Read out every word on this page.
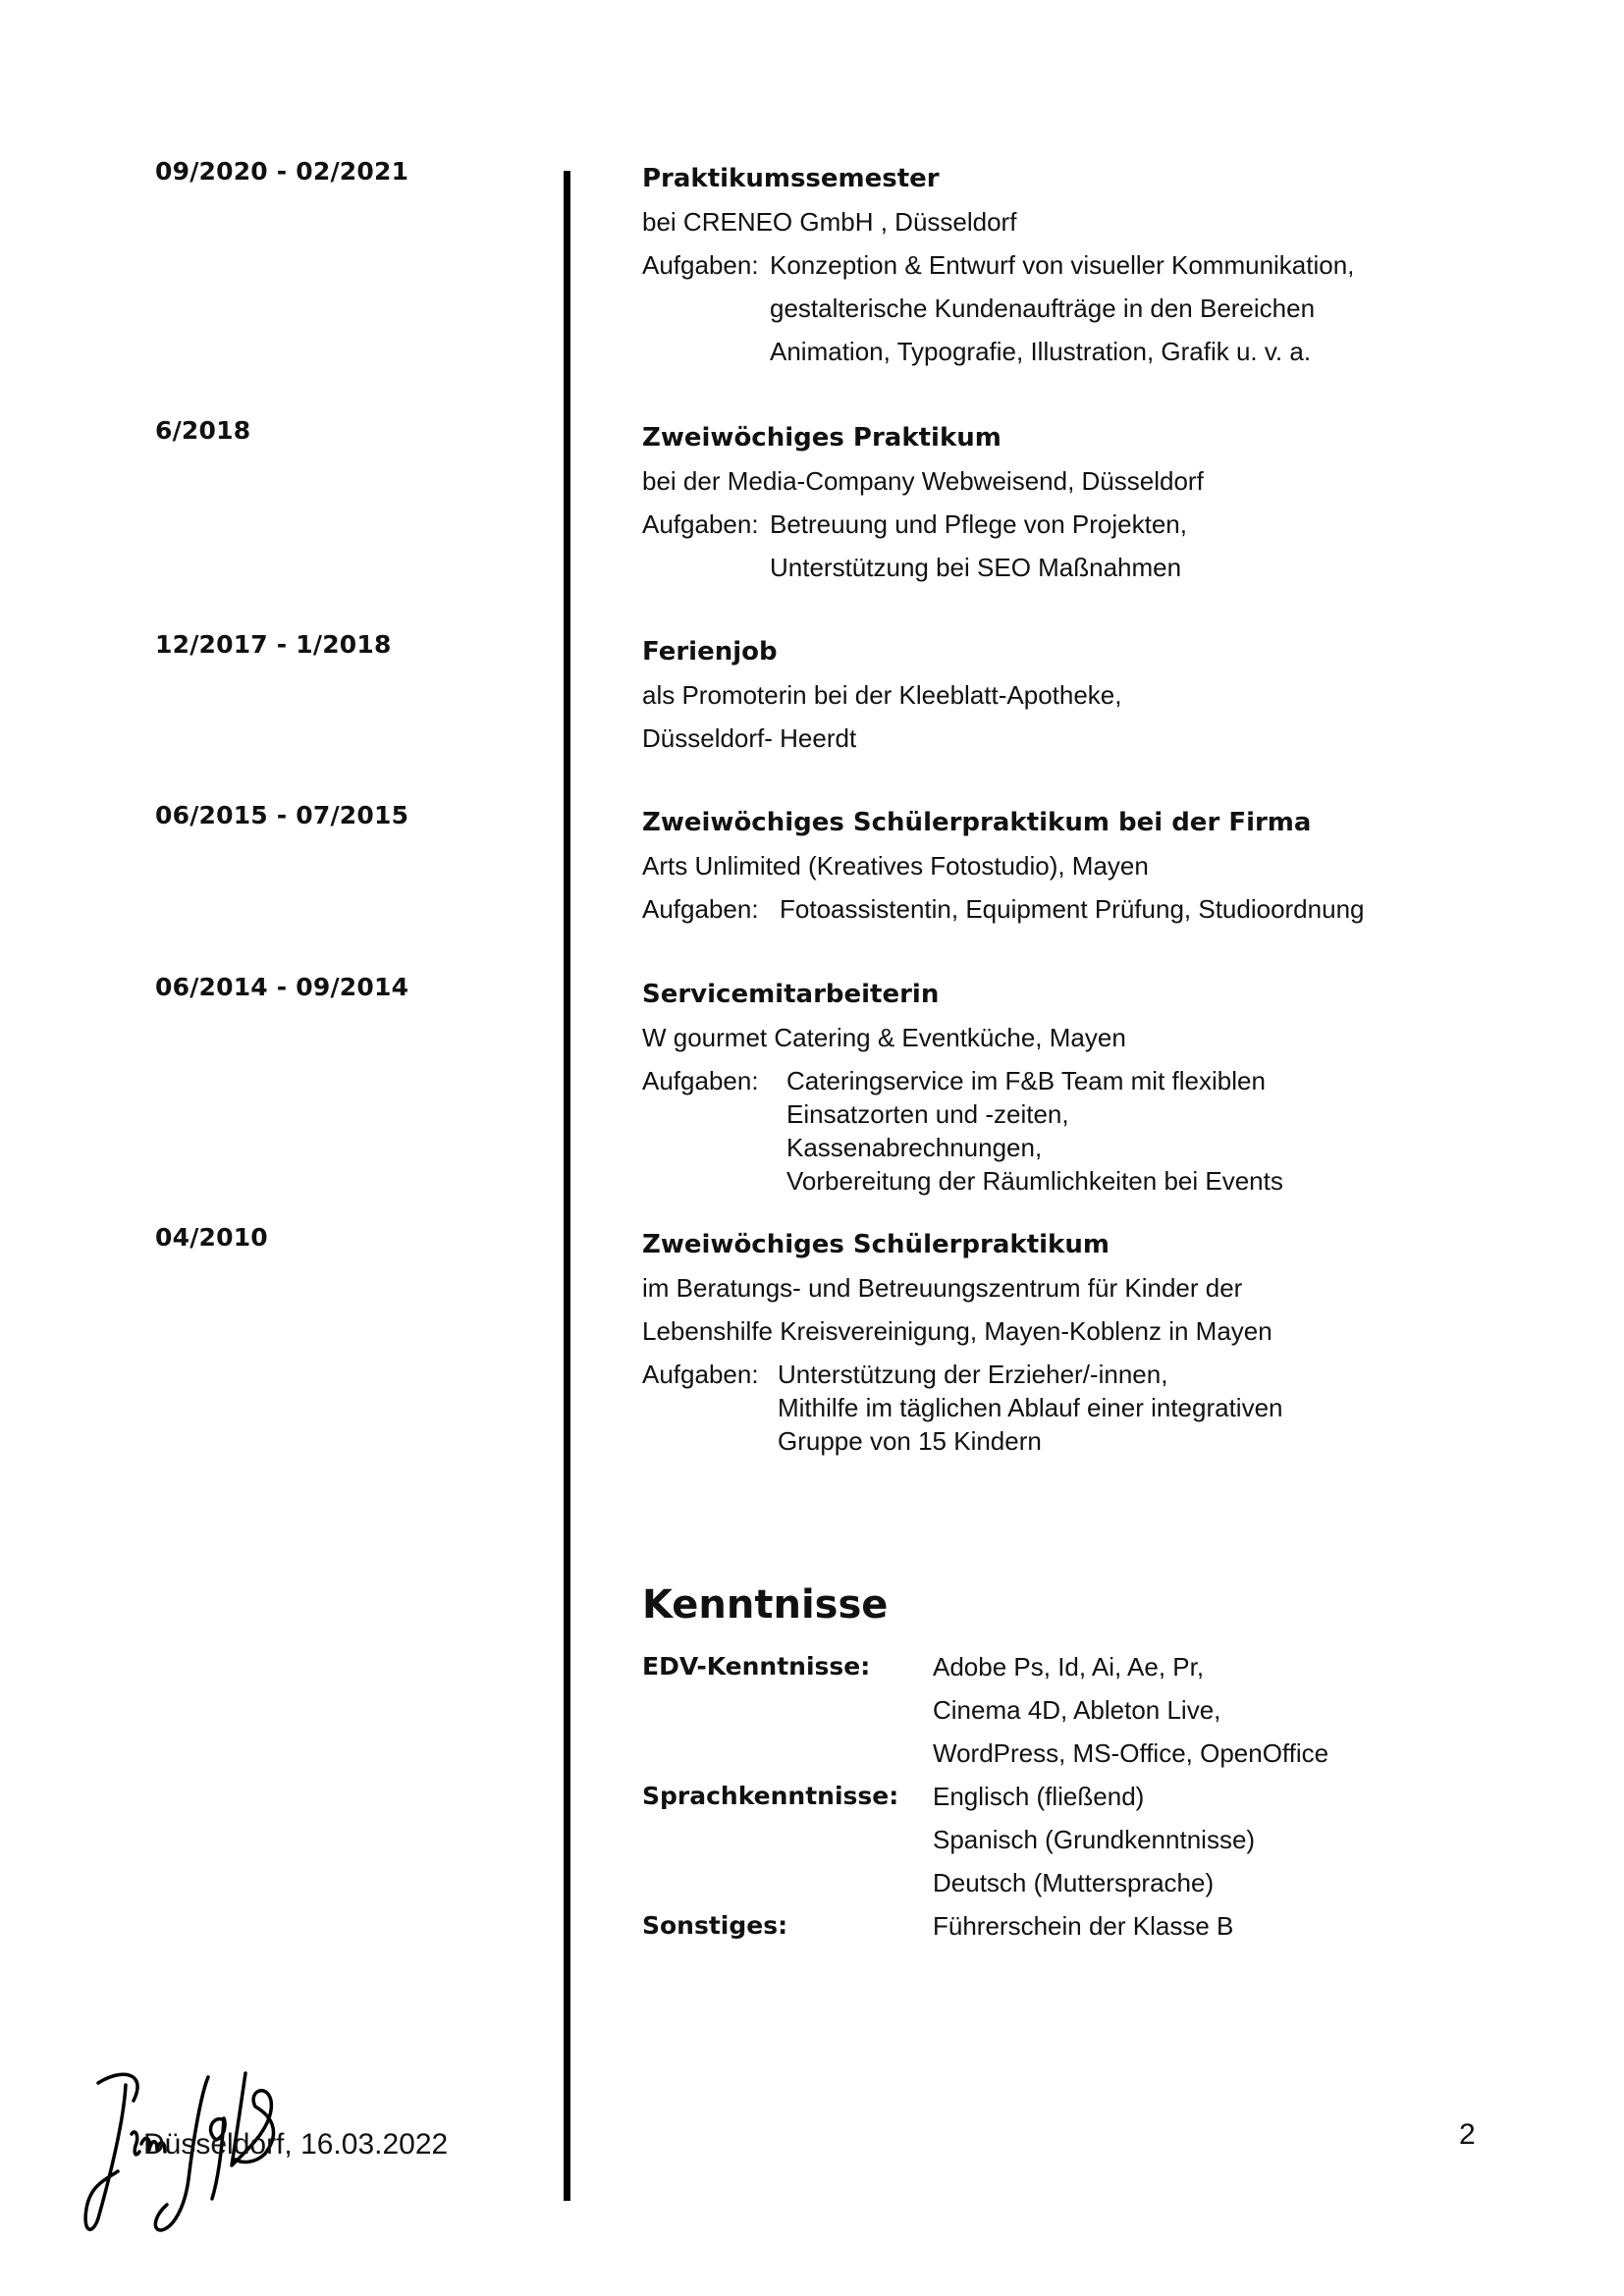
09/2020 - 02/2021	Praktikumssemester
bei CRENEO GmbH , Düsseldorf
Aufgaben: Konzeption & Entwurf von visueller Kommunikation,
gestalterische Kundenaufträge in den Bereichen
Animation, Typografie, Illustration, Grafik u. v. a.
6/2018	Zweiwöchiges Praktikum
bei der Media-Company Webweisend, Düsseldorf
Aufgaben: Betreuung und Pflege von Projekten,
Unterstützung bei SEO Maßnahmen
12/2017 - 1/2018	Ferienjob
als Promoterin bei der Kleeblatt-Apotheke,
Düsseldorf- Heerdt
06/2015 - 07/2015	Zweiwöchiges Schülerpraktikum bei der Firma
Arts Unlimited (Kreatives Fotostudio), Mayen
Aufgaben: Fotoassistentin, Equipment Prüfung, Studioordnung
06/2014 - 09/2014	Servicemitarbeiterin
W gourmet Catering & Eventküche, Mayen
Aufgaben:	Cateringservice im F&B Team mit flexiblen
Einsatzorten und -zeiten,
Kassenabrechnungen,
Vorbereitung der Räumlichkeiten bei Events
04/2010	Zweiwöchiges Schülerpraktikum
im Beratungs- und Betreuungszentrum für Kinder der
Lebenshilfe Kreisvereinigung, Mayen-Koblenz in Mayen
Aufgaben: Unterstützung der Erzieher/-innen,
Mithilfe im täglichen Ablauf einer integrativen
Gruppe von 15 Kindern
Kenntnisse
EDV-Kenntnisse:	Adobe Ps, Id, Ai, Ae, Pr,
Cinema 4D, Ableton Live,
WordPress, MS-Office, OpenOffice
Sprachkenntnisse:	Englisch (fließend)
Spanisch (Grundkenntnisse)
Deutsch (Muttersprache)
Sonstiges:	Führerschein der Klasse B
Düsseldorf, 16.03.2022	2
